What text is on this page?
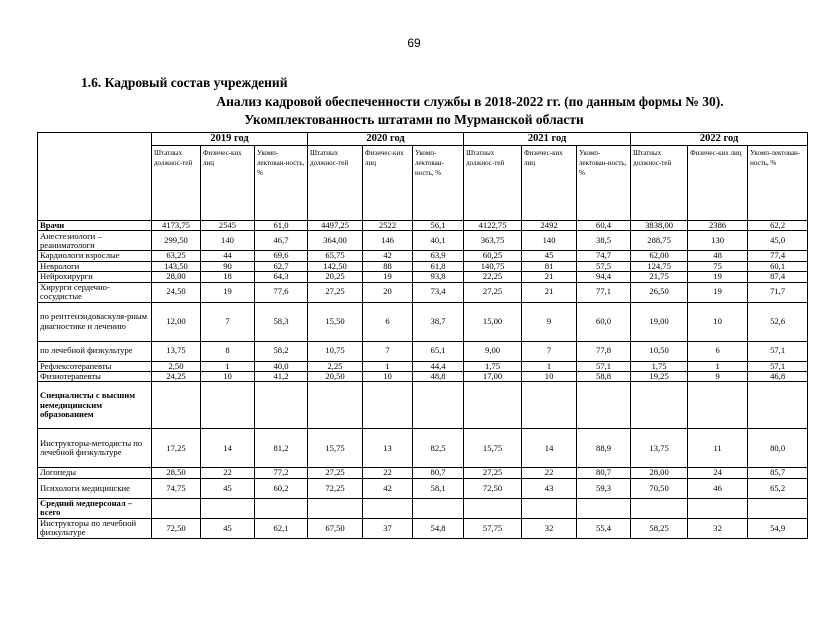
69
1.6. Кадровый состав учреждений
Анализ кадровой обеспеченности службы в 2018-2022 гг. (по данным формы № 30).
Укомплектованность штатами по Мурманской области
	2019 год			2020 год			2021 год			2022 год		
	Штатных должнос-тей	Физичес-ких лиц	Укомп-лектован-ность, %	Штатных должнос-тей	Физичес-ких лиц	Укомп-лектован-ность, %	Штатных должнос-тей	Физичес-ких лиц	Укомп-лектован-ность, %	Штатных должнос-тей	Физичес-ких лиц	Укомп-лектован-ность, %
Врачи	4173,75	2545	61,0	4497,25	2522	56,1	4122,75	2492	60,4	3838,00	2386	62,2
Анестезиологи – реаниматологи	299,50	140	46,7	364,00	146	40,1	363,75	140	38,5	288,75	130	45,0
Кардиологи взрослые	63,25	44	69,6	65,75	42	63,9	60,25	45	74,7	62,00	48	77,4
Неврологи	143,50	90	62,7	142,50	88	61,8	140,75	81	57,5	124,75	75	60,1
Нейрохирурги	28,00	18	64,3	20,25	19	93,8	22,25	21	94,4	21,75	19	87,4
Хирурги сердечно-сосудистые	24,50	19	77,6	27,25	20	73,4	27,25	21	77,1	26,50	19	71,7
по рентгенэндоваскуля-рным диагностике и лечению	12,00	7	58,3	15,50	6	38,7	15,00	9	60,0	19,00	10	52,6
по лечебной физкультуре	13,75	8	58,2	10,75	7	65,1	9,00	7	77,8	10,50	6	57,1
Рефлексотерапевты	2,50	1	40,0	2,25	1	44,4	1,75	1	57,1	1,75	1	57,1
Физиотерапевты	24,25	10	41,2	20,50	10	48,8	17,00	10	58,8	19,25	9	46,8
Специалисты с высшим немедицинским образованием												
Инструкторы-методисты по лечебной физкультуре	17,25	14	81,2	15,75	13	82,5	15,75	14	88,9	13,75	11	80,0
Логопеды	28,50	22	77,2	27,25	22	80,7	27,25	22	80,7	28,00	24	85,7
Психологи медицинские	74,75	45	60,2	72,25	42	58,1	72,50	43	59,3	70,50	46	65,2
Средний медперсонал – всего												
Инструкторы по лечебной физкультуре	72,50	45	62,1	67,50	37	54,8	57,75	32	55,4	58,25	32	54,9
